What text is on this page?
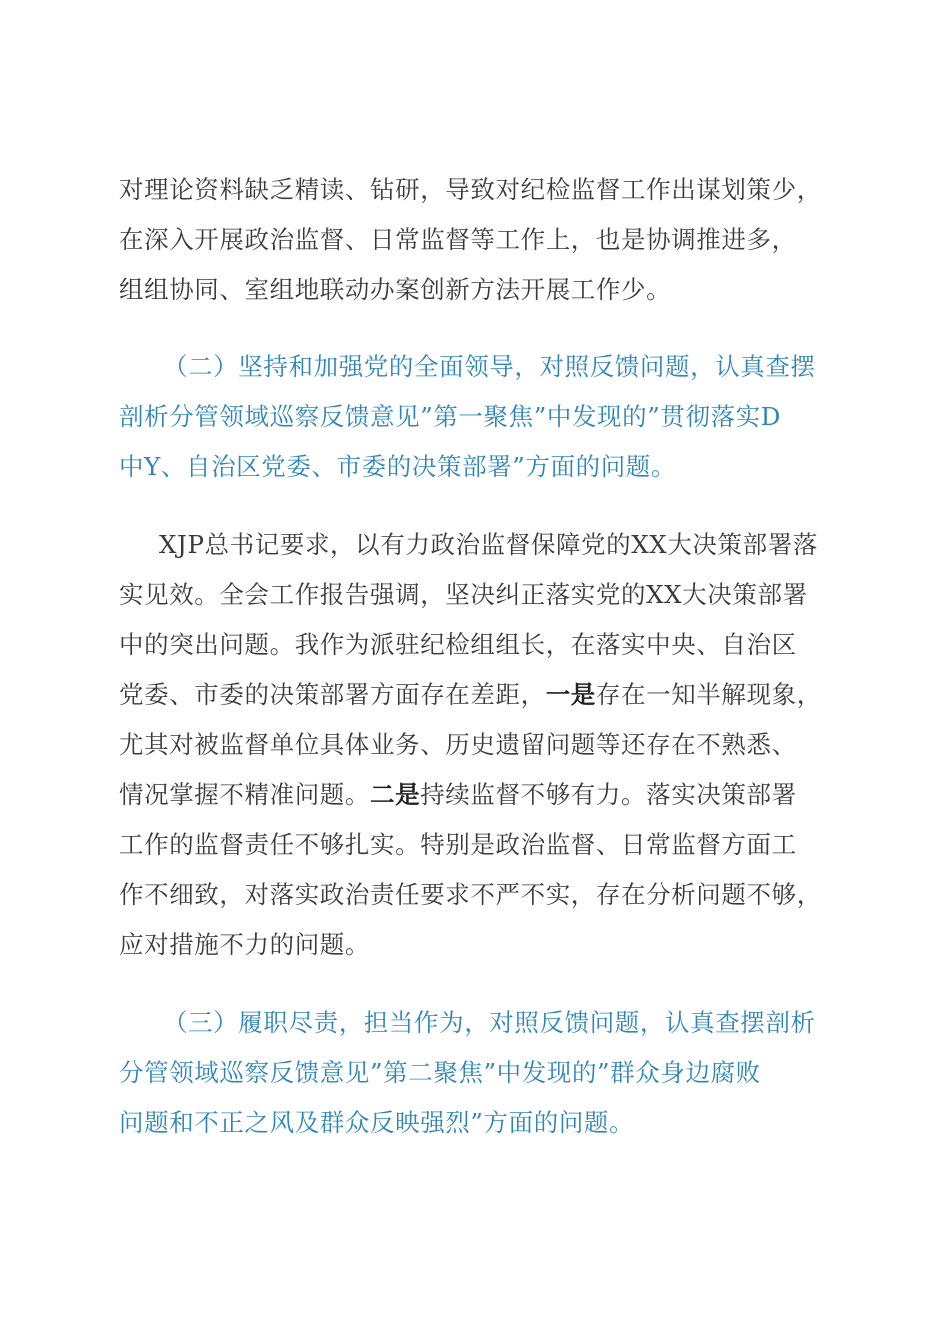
对理论资料缺乏精读、钻研，导致对纪检监督工作出谋划策少，
在深入开展政治监督、日常监督等工作上，也是协调推进多，
组组协同、室组地联动办案创新方法开展工作少。
（二）坚持和加强党的全面领导，对照反馈问题，认真查摆
剖析分管领域巡察反馈意见”第一聚焦”中发现的”贯彻落实D
中Y、自治区党委、市委的决策部署”方面的问题。
XJP总书记要求，以有力政治监督保障党的XX大决策部署落
实见效。全会工作报告强调，坚决纠正落实党的XX大决策部署
中的突出问题。我作为派驻纪检组组长，在落实中央、自治区
党委、市委的决策部署方面存在差距，一是存在一知半解现象，
尤其对被监督单位具体业务、历史遗留问题等还存在不熟悉、
情况掌握不精准问题。二是持续监督不够有力。落实决策部署
工作的监督责任不够扎实。特别是政治监督、日常监督方面工
作不细致，对落实政治责任要求不严不实，存在分析问题不够，
应对措施不力的问题。
（三）履职尽责，担当作为，对照反馈问题，认真查摆剖析
分管领域巡察反馈意见”第二聚焦”中发现的”群众身边腐败
问题和不正之风及群众反映强烈”方面的问题。
